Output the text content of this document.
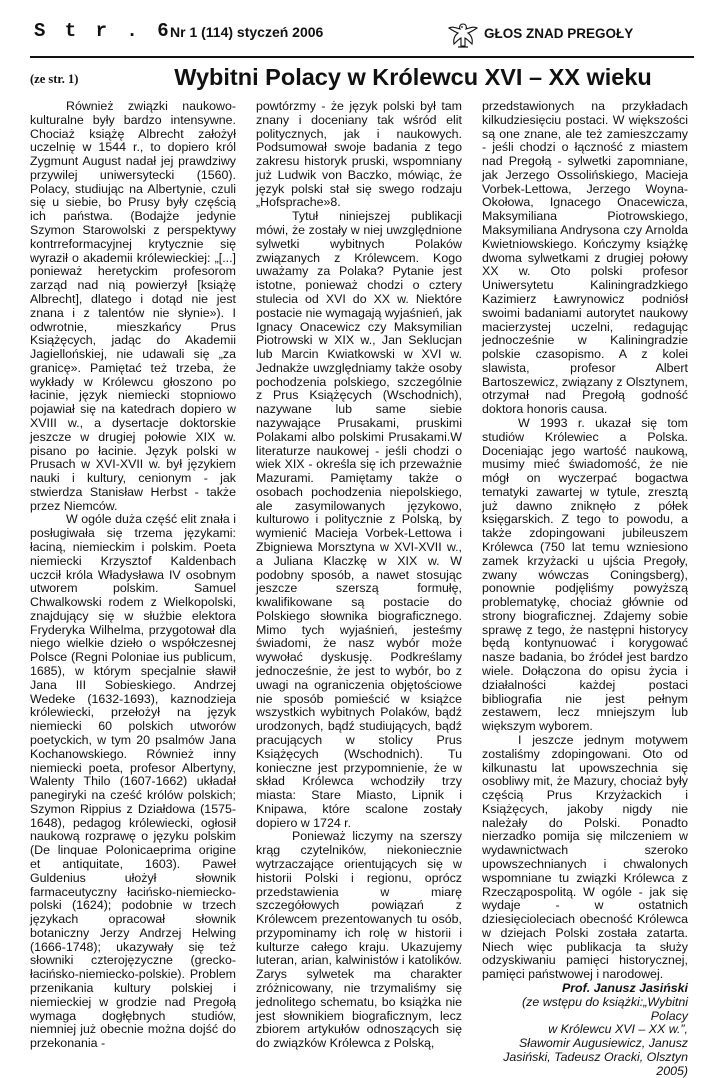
S t r . 6
Nr 1 (114) styczeń 2006	GŁOS ZNAD PREGOŁY
(ze str. 1)	Wybitni Polacy w Królewcu XVI – XX wieku

Również związki naukowo-kulturalne były bardzo intensywne. Chociaż książę Albrecht założył uczelnię w 1544 r., to dopiero król Zygmunt August nadał jej prawdziwy przywilej uniwersytecki (1560). Polacy, studiując na Albertynie, czuli się u siebie, bo Prusy były częścią ich państwa. (Bodajże jedynie Szymon Starowolski z perspektywy kontrreformacyjnej krytycznie się wyraził o akademii królewieckiej: „[...] ponieważ heretyckim profesorom zarząd nad nią powierzył [książę Albrecht], dlatego i dotąd nie jest znana i z talentów nie słynie»). I odwrotnie, mieszkańcy Prus Książęcych, jadąc do Akademii Jagiellońskiej, nie udawali się „za granicę». Pamiętać też trzeba, że wykłady w Królewcu głoszono po łacinie, język niemiecki stopniowo pojawiał się na katedrach dopiero w XVIII w., a dysertacje doktorskie jeszcze w drugiej połowie XIX w. pisano po łacinie. Język polski w Prusach w XVI-XVII w. był językiem nauki i kultury, cenionym - jak stwierdza Stanisław Herbst - także przez Niemców.

W ogóle duża część elit znała i posługiwała się trzema językami: łaciną, niemieckim i polskim. Poeta niemiecki Krzysztof Kaldenbach uczcił króla Władysława IV osobnym utworem polskim. Samuel Chwalkowski rodem z Wielkopolski, znajdujący się w służbie elektora Fryderyka Wilhelma, przygotował dla niego wielkie dzieło o współczesnej Polsce (Regni Poloniae ius publicum, 1685), w którym specjalnie sławił Jana III Sobieskiego. Andrzej Wedeke (1632-1693), kaznodzieja królewiecki, przełożył na język niemiecki 60 polskich utworów poetyckich, w tym 20 psalmów Jana Kochanowskiego. Również inny niemiecki poeta, profesor Albertyny, Walenty Thilo (1607-1662) układał panegiryki na cześć królów polskich; Szymon Rippius z Działdowa (1575-1648), pedagog królewiecki, ogłosił naukową rozprawę o języku polskim (De linquae Polonicaeprima origine et antiquitate, 1603). Paweł Guldenius ułożył słownik farmaceutyczny łacińsko-niemiecko-polski (1624); podobnie w trzech językach opracował słownik botaniczny Jerzy Andrzej Helwing (1666-1748); ukazywały się też słowniki czterojęzyczne (grecko-łacińsko-niemiecko-polskie). Problem przenikania kultury polskiej i niemieckiej w grodzie nad Pregołą wymaga dogłębnych studiów, niemniej już obecnie można dojść do przekonania -

powtórzmy - że język polski był tam znany i doceniany tak wśród elit politycznych, jak i naukowych. Podsumował swoje badania z tego zakresu historyk pruski, wspomniany już Ludwik von Baczko, mówiąc, że język polski stał się swego rodzaju „Hofsprache»8.

Tytuł niniejszej publikacji mówi, że zostały w niej uwzględnione sylwetki wybitnych Polaków związanych z Królewcem. Kogo uważamy za Polaka? Pytanie jest istotne, ponieważ chodzi o cztery stulecia od XVI do XX w. Niektóre postacie nie wymagają wyjaśnień, jak Ignacy Onacewicz czy Maksymilian Piotrowski w XIX w., Jan Seklucjan lub Marcin Kwiatkowski w XVI w. Jednakże uwzględniamy także osoby pochodzenia polskiego, szczególnie z Prus Książęcych (Wschodnich), nazywane lub same siebie nazywające Prusakami, pruskimi Polakami albo polskimi Prusakami.W literaturze naukowej - jeśli chodzi o wiek XIX - określa się ich przeważnie Mazurami. Pamiętamy także o osobach pochodzenia niepolskiego, ale zasymilowanych językowo, kulturowo i politycznie z Polską, by wymienić Macieja Vorbek-Lettowa i Zbigniewa Morsztyna w XVI-XVII w., a Juliana Klaczkę w XIX w. W podobny sposób, a nawet stosując jeszcze szerszą formułę, kwalifikowane są postacie do Polskiego słownika biograficznego. Mimo tych wyjaśnień, jesteśmy świadomi, że nasz wybór może wywołać dyskusję. Podkreślamy jednocześnie, że jest to wybór, bo z uwagi na ograniczenia objętościowe nie sposób pomieścić w książce wszystkich wybitnych Polaków, bądź urodzonych, bądź studiujących, bądź pracujących w stolicy Prus Książęcych (Wschodnich). Tu konieczne jest przypomnienie, że w skład Królewca wchodziły trzy miasta: Stare Miasto, Lipnik i Knipawa, które scalone zostały dopiero w 1724 r.

Ponieważ liczymy na szerszy krąg czytelników, niekoniecznie wytrzaczające orientujących się w historii Polski i regionu, oprócz przedstawienia w miarę szczegółowych powiązań z Królewcem prezentowanych tu osób, przypominamy ich rolę w historii i kulturze całego kraju. Ukazujemy luteran, arian, kalwinistów i katolików. Zarys sylwetek ma charakter zróżnicowany, nie trzymaliśmy się jednolitego schematu, bo książka nie jest słownikiem biograficznym, lecz zbiorem artykułów odnoszących się do związków Królewca z Polską,

przedstawionych na przykładach kilkudziesięciu postaci. W większości są one znane, ale też zamieszczamy - jeśli chodzi o łączność z miastem nad Pregołą - sylwetki zapomniane, jak Jerzego Ossolińskiego, Macieja Vorbek-Lettowa, Jerzego Woyna-Okołowa, Ignacego Onacewicza, Maksymiliana Piotrowskiego, Maksymiliana Andrysona czy Arnolda Kwietniowskiego. Kończymy książkę dwoma sylwetkami z drugiej połowy XX w. Oto polski profesor Uniwersytetu Kaliningradzkiego Kazimierz Ławrynowicz podniósł swoimi badaniami autorytet naukowy macierzystej uczelni, redagując jednocześnie w Kaliningradzie polskie czasopismo. A z kolei slawista, profesor Albert Bartoszewicz, związany z Olsztynem, otrzymał nad Pregołą godność doktora honoris causa.

W 1993 r. ukazał się tom studiów Królewiec a Polska. Doceniając jego wartość naukową, musimy mieć świadomość, że nie mógł on wyczerpać bogactwa tematyki zawartej w tytule, zresztą już dawno zniknęło z półek księgarskich. Z tego to powodu, a także zdopingowani jubileuszem Królewca (750 lat temu wzniesiono zamek krzyżacki u ujścia Pregoły, zwany wówczas Coningsberg), ponownie podjęliśmy powyższą problematykę, chociaż głównie od strony biograficznej. Zdajemy sobie sprawę z tego, że następni historycy będą kontynuować i korygować nasze badania, bo źródeł jest bardzo wiele. Dołączona do opisu życia i działalności każdej postaci bibliografia nie jest pełnym zestawem, lecz mniejszym lub większym wyborem.

I jeszcze jednym motywem zostaliśmy zdopingowani. Oto od kilkunastu lat upowszechnia się osobliwy mit, że Mazury, chociaż były częścią Prus Krzyżackich i Książęcych, jakoby nigdy nie należały do Polski. Ponadto nierzadko pomija się milczeniem w wydawnictwach szeroko upowszechnianych i chwalonych wspomniane tu związki Królewca z Rzecząpospolitą. W ogóle - jak się wydaje - w ostatnich dziesięcioleciach obecność Królewca w dziejach Polski została zatarta. Niech więc publikacja ta służy odzyskiwaniu pamięci historycznej, pamięci państwowej i narodowej.

Prof. Janusz Jasiński
(ze wstępu do książki:„Wybitni Polacy
w Królewcu XVI – XX w.”,
Sławomir Augusiewicz, Janusz
Jasiński, Tadeusz Oracki, Olsztyn 2005)
